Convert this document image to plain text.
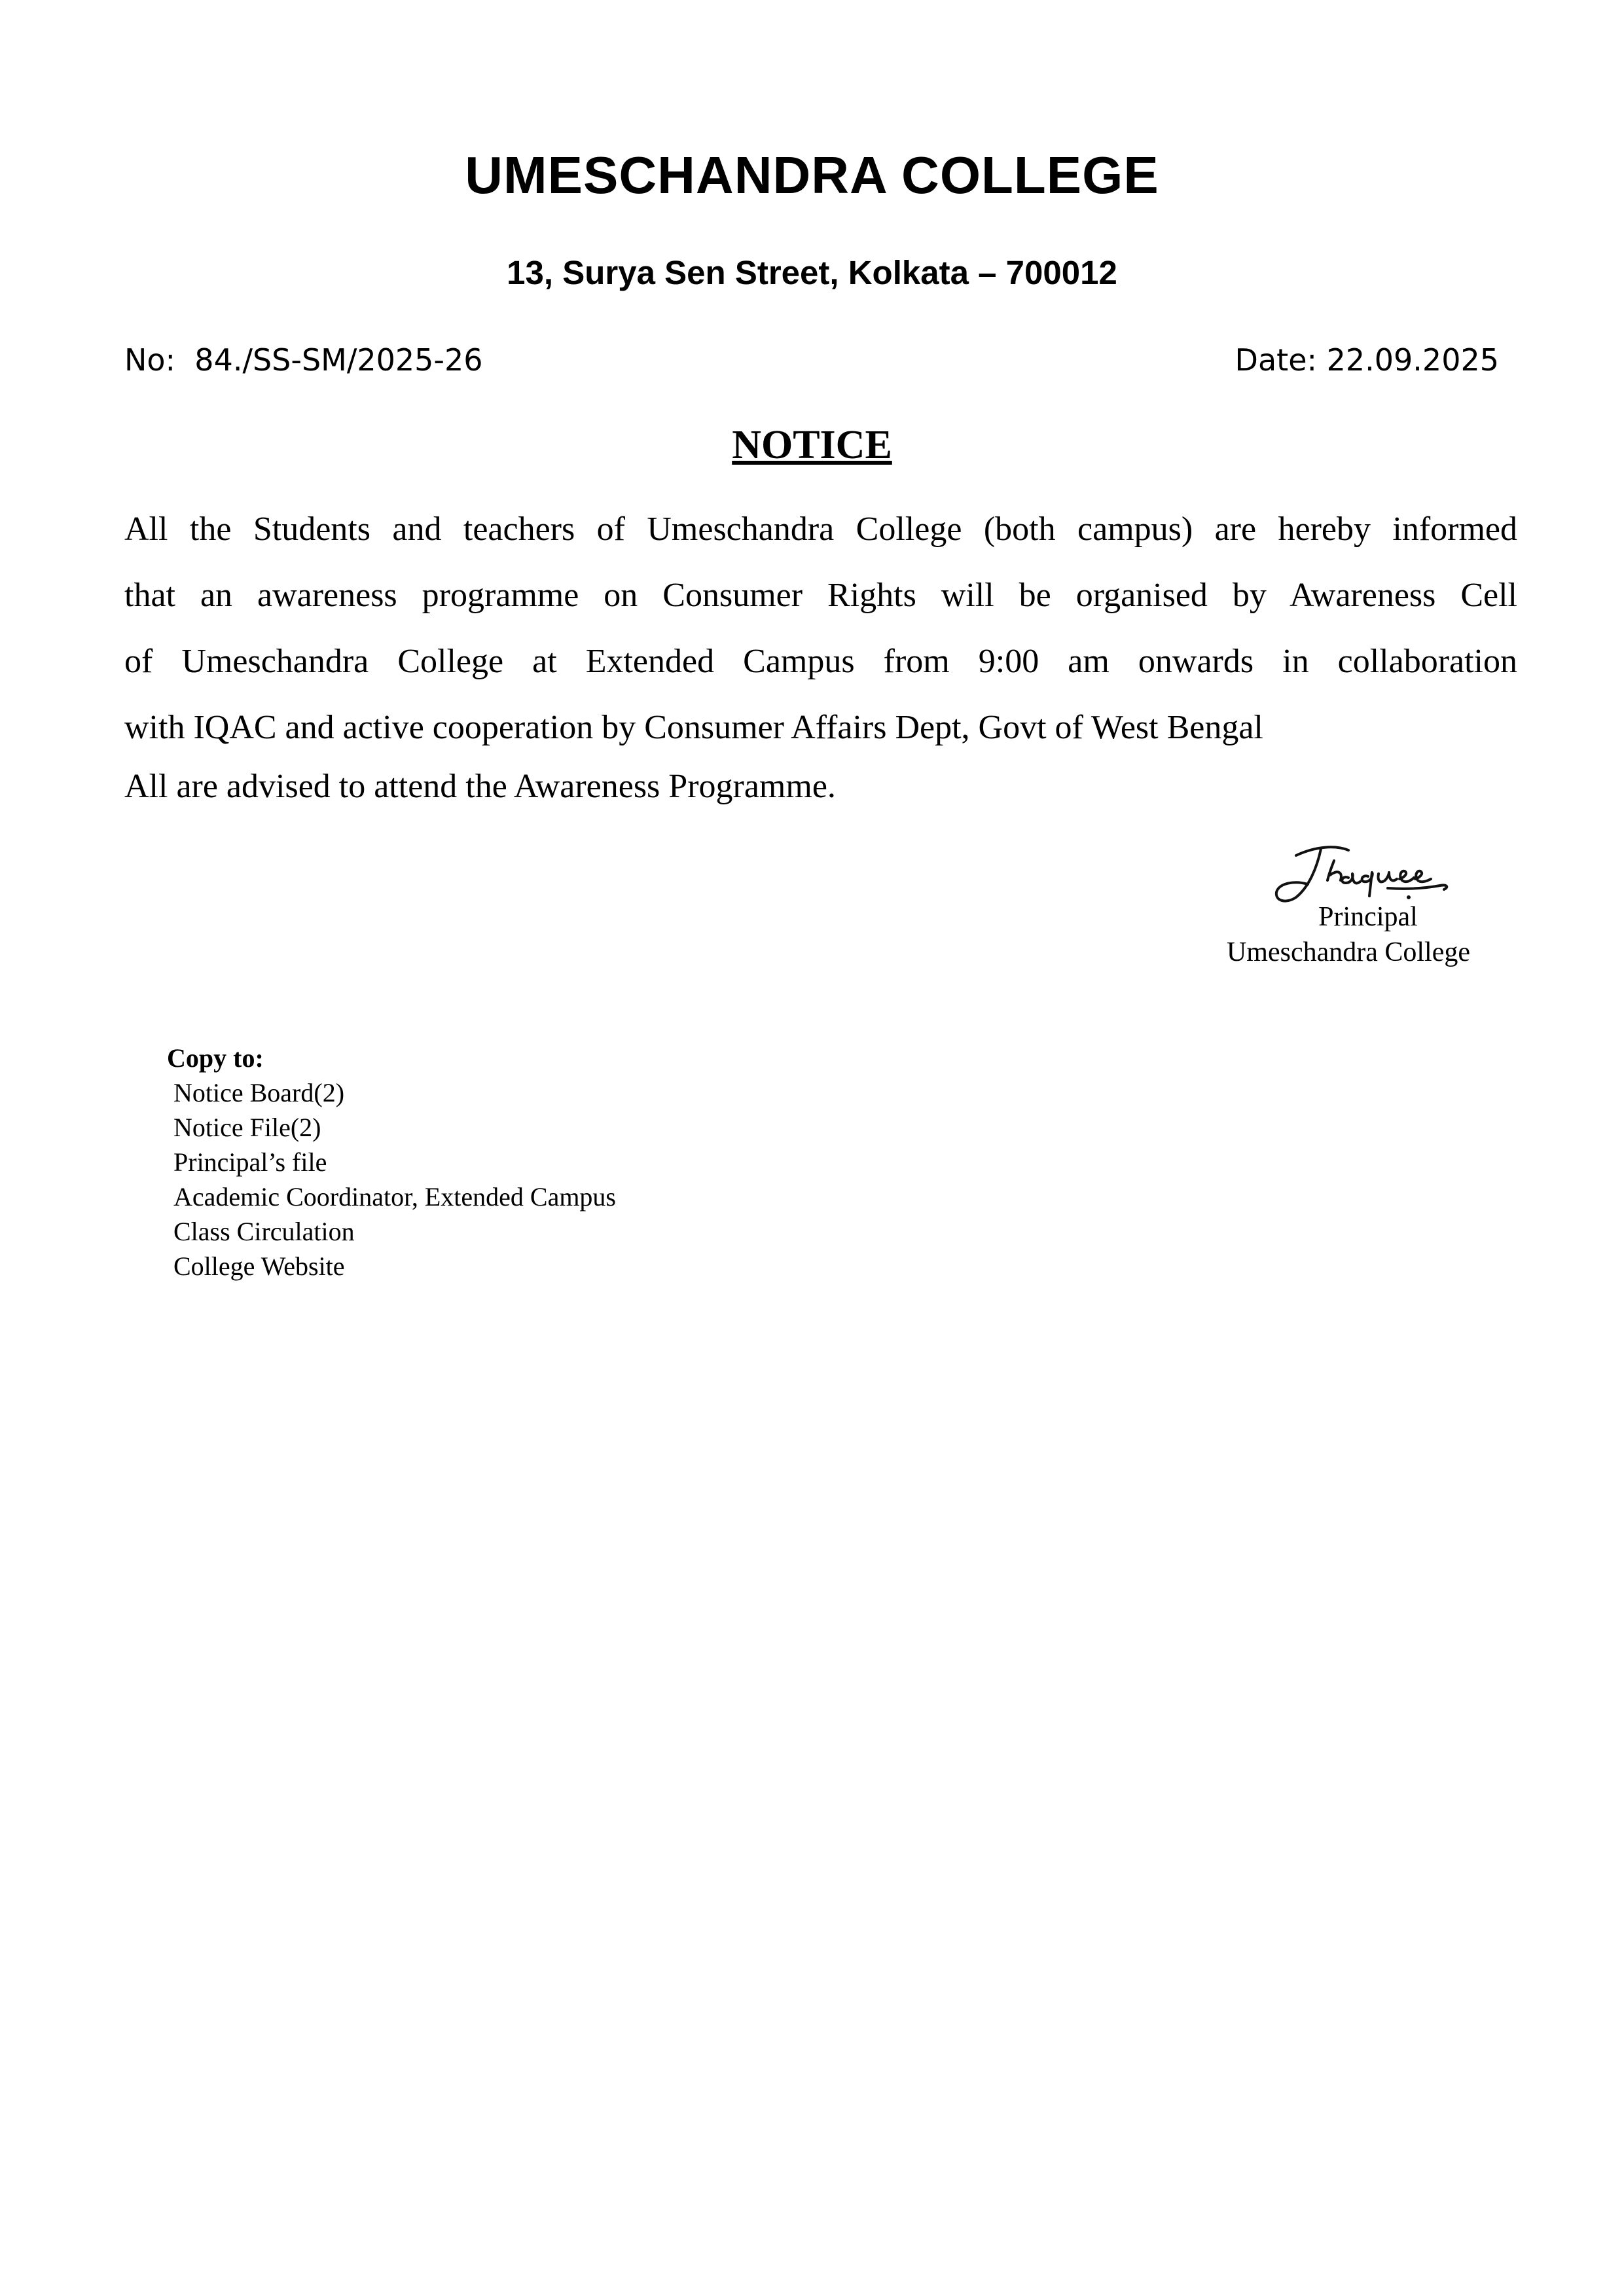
UMESCHANDRA COLLEGE
13, Surya Sen Street, Kolkata – 700012
No:  84./SS-SM/2025-26	Date: 22.09.2025
NOTICE
All the Students and teachers of Umeschandra College (both campus) are hereby informed
that an awareness programme on Consumer Rights will be organised by Awareness Cell
of Umeschandra College at Extended Campus from 9:00 am onwards in collaboration
with IQAC and active cooperation by Consumer Affairs Dept, Govt of West Bengal

All are advised to attend the Awareness Programme.

Principal
Umeschandra College

Copy to:

Notice Board(2)
Notice File(2)
Principal’s file
Academic Coordinator, Extended Campus
Class Circulation
College Website
